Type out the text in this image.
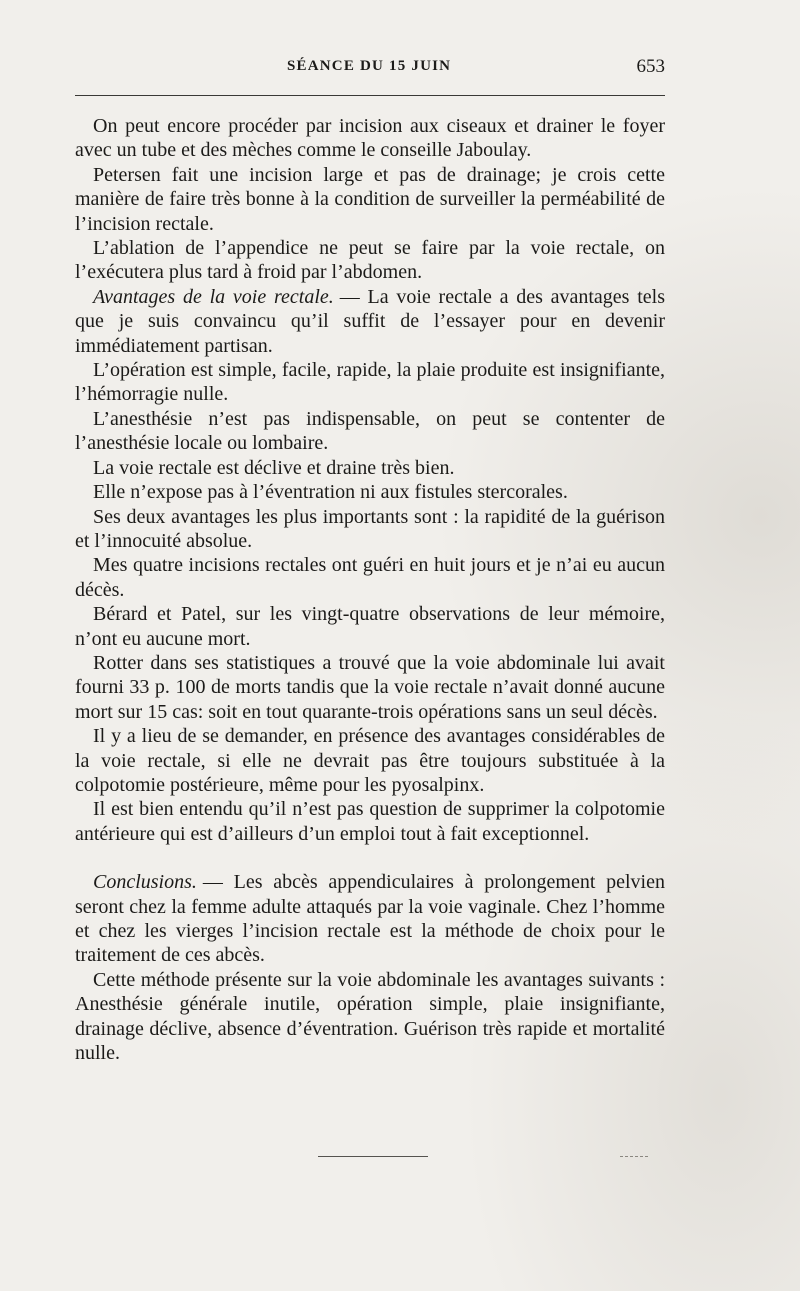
SÉANCE DU 15 JUIN	653

On peut encore procéder par incision aux ciseaux et drainer le foyer avec un tube et des mèches comme le conseille Jaboulay.

Petersen fait une incision large et pas de drainage; je crois cette manière de faire très bonne à la condition de surveiller la perméabilité de l’incision rectale.

L’ablation de l’appendice ne peut se faire par la voie rectale, on l’exécutera plus tard à froid par l’abdomen.

Avantages de la voie rectale. — La voie rectale a des avantages tels que je suis convaincu qu’il suffit de l’essayer pour en devenir immédiatement partisan.

L’opération est simple, facile, rapide, la plaie produite est insignifiante, l’hémorragie nulle.

L’anesthésie n’est pas indispensable, on peut se contenter de l’anesthésie locale ou lombaire.

La voie rectale est déclive et draine très bien.

Elle n’expose pas à l’éventration ni aux fistules stercorales.

Ses deux avantages les plus importants sont : la rapidité de la guérison et l’innocuité absolue.

Mes quatre incisions rectales ont guéri en huit jours et je n’ai eu aucun décès.

Bérard et Patel, sur les vingt-quatre observations de leur mémoire, n’ont eu aucune mort.

Rotter dans ses statistiques a trouvé que la voie abdominale lui avait fourni 33 p. 100 de morts tandis que la voie rectale n’avait donné aucune mort sur 15 cas: soit en tout quarante-trois opérations sans un seul décès.

Il y a lieu de se demander, en présence des avantages considérables de la voie rectale, si elle ne devrait pas être toujours substituée à la colpotomie postérieure, même pour les pyosalpinx.

Il est bien entendu qu’il n’est pas question de supprimer la colpotomie antérieure qui est d’ailleurs d’un emploi tout à fait exceptionnel.

Conclusions. — Les abcès appendiculaires à prolongement pelvien seront chez la femme adulte attaqués par la voie vaginale. Chez l’homme et chez les vierges l’incision rectale est la méthode de choix pour le traitement de ces abcès.

Cette méthode présente sur la voie abdominale les avantages suivants : Anesthésie générale inutile, opération simple, plaie insignifiante, drainage déclive, absence d’éventration. Guérison très rapide et mortalité nulle.
